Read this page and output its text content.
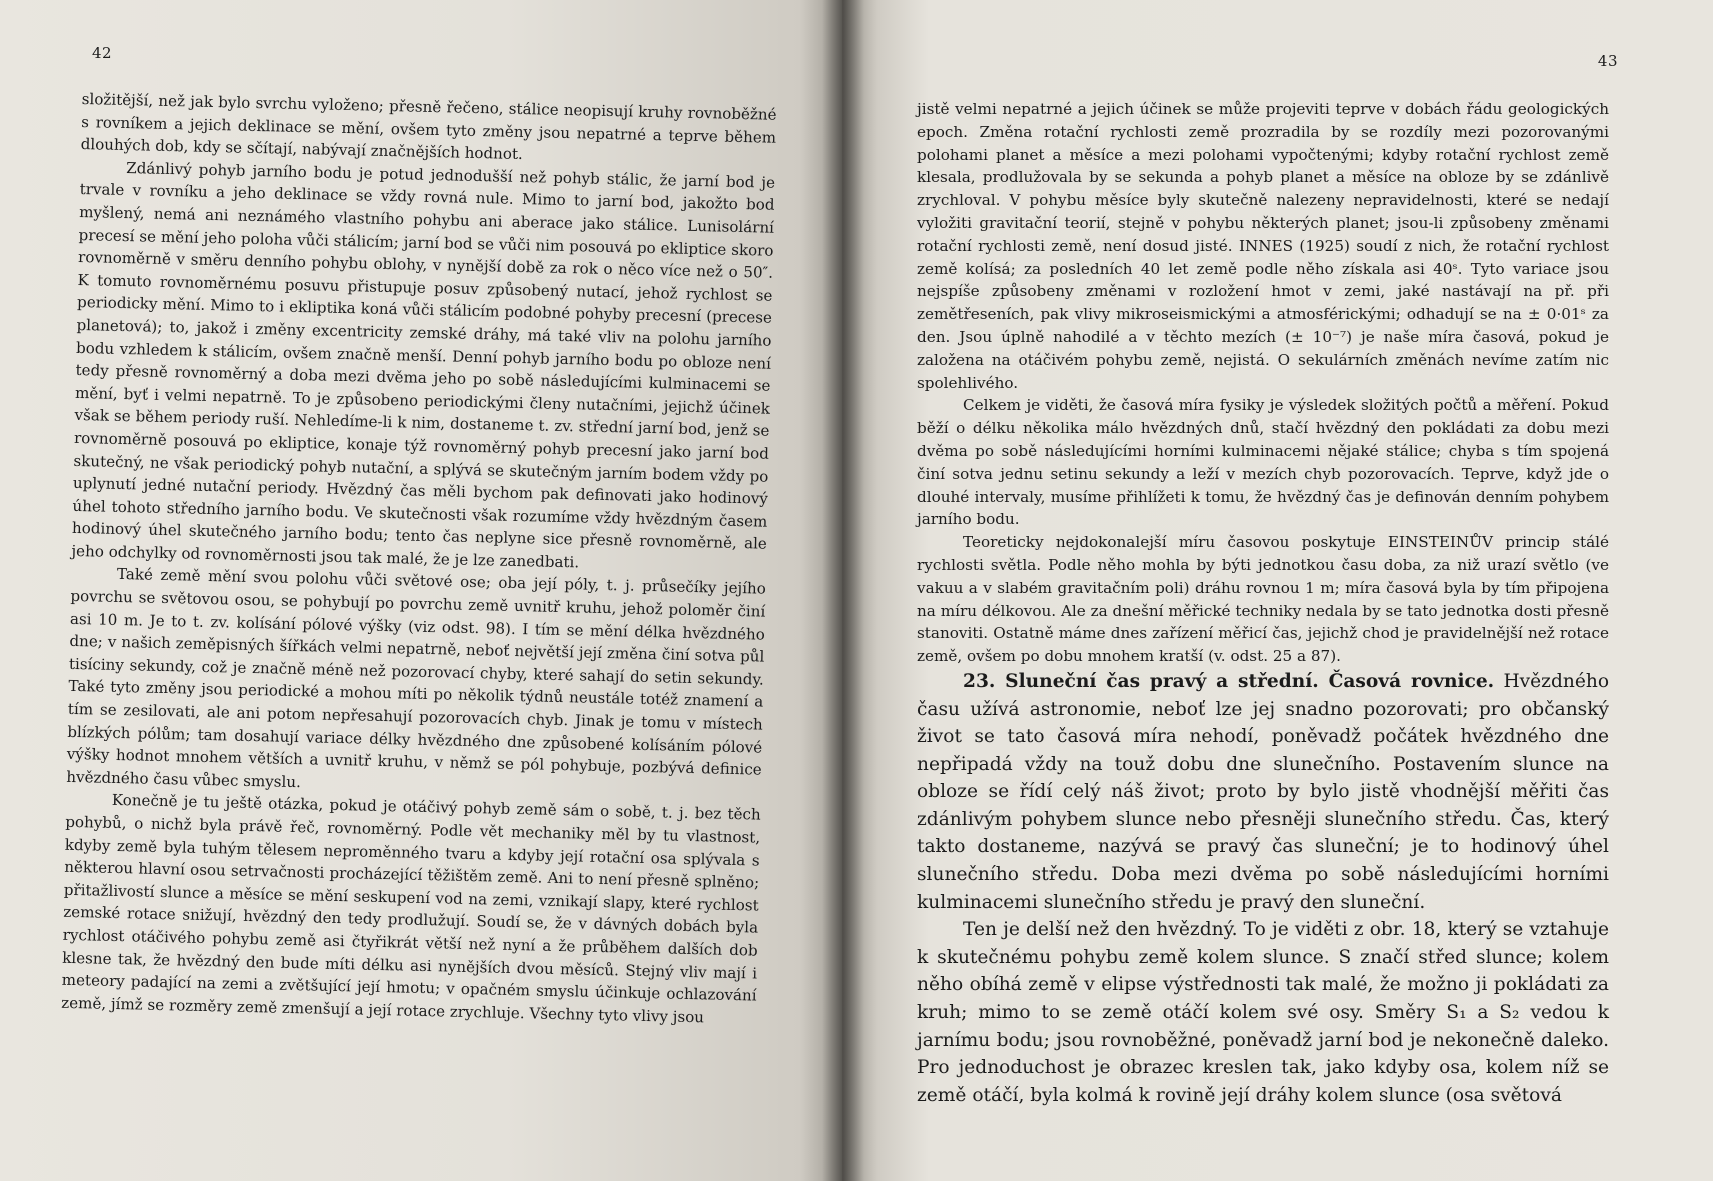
42

složitější, než jak bylo svrchu vyloženo; přesně řečeno, stálice neopisují kruhy rovnoběžné s rovníkem a jejich deklinace se mění, ovšem tyto změny jsou nepatrné a teprve během dlouhých dob, kdy se sčítají, nabývají značnějších hodnot.

Zdánlivý pohyb jarního bodu je potud jednodušší než pohyb stálic, že jarní bod je trvale v rovníku a jeho deklinace se vždy rovná nule. Mimo to jarní bod, jakožto bod myšlený, nemá ani neznámého vlastního pohybu ani aberace jako stálice. Lunisolární precesí se mění jeho poloha vůči stálicím; jarní bod se vůči nim posouvá po ekliptice skoro rovnoměrně v směru denního pohybu oblohy, v nynější době za rok o něco více než o 50″. K tomuto rovnoměrnému posuvu přistupuje posuv způsobený nutací, jehož rychlost se periodicky mění. Mimo to i ekliptika koná vůči stálicím podobné pohyby precesní (precese planetová); to, jakož i změny excentricity zemské dráhy, má také vliv na polohu jarního bodu vzhledem k stálicím, ovšem značně menší. Denní pohyb jarního bodu po obloze není tedy přesně rovnoměrný a doba mezi dvěma jeho po sobě následujícími kulminacemi se mění, byť i velmi nepatrně. To je způsobeno periodickými členy nutačními, jejichž účinek však se během periody ruší. Nehledíme-li k nim, dostaneme t. zv. střední jarní bod, jenž se rovnoměrně posouvá po ekliptice, konaje týž rovnoměrný pohyb precesní jako jarní bod skutečný, ne však periodický pohyb nutační, a splývá se skutečným jarním bodem vždy po uplynutí jedné nutační periody. Hvězdný čas měli bychom pak definovati jako hodinový úhel tohoto středního jarního bodu. Ve skutečnosti však rozumíme vždy hvězdným časem hodinový úhel skutečného jarního bodu; tento čas neplyne sice přesně rovnoměrně, ale jeho odchylky od rovnoměrnosti jsou tak malé, že je lze zanedbati.

Také země mění svou polohu vůči světové ose; oba její póly, t. j. průsečíky jejího povrchu se světovou osou, se pohybují po povrchu země uvnitř kruhu, jehož poloměr činí asi 10 m. Je to t. zv. kolísání pólové výšky (viz odst. 98). I tím se mění délka hvězdného dne; v našich zeměpisných šířkách velmi nepatrně, neboť největší její změna činí sotva půl tisíciny sekundy, což je značně méně než pozorovací chyby, které sahají do setin sekundy. Také tyto změny jsou periodické a mohou míti po několik týdnů neustále totéž znamení a tím se zesilovati, ale ani potom nepřesahují pozorovacích chyb. Jinak je tomu v místech blízkých pólům; tam dosahují variace délky hvězdného dne způsobené kolísáním pólové výšky hodnot mnohem větších a uvnitř kruhu, v němž se pól pohybuje, pozbývá definice hvězdného času vůbec smyslu.

Konečně je tu ještě otázka, pokud je otáčivý pohyb země sám o sobě, t. j. bez těch pohybů, o nichž byla právě řeč, rovnoměrný. Podle vět mechaniky měl by tu vlastnost, kdyby země byla tuhým tělesem neproměnného tvaru a kdyby její rotační osa splývala s některou hlavní osou setrvačnosti procházející těžištěm země. Ani to není přesně splněno; přitažlivostí slunce a měsíce se mění seskupení vod na zemi, vznikají slapy, které rychlost zemské rotace snižují, hvězdný den tedy prodlužují. Soudí se, že v dávných dobách byla rychlost otáčivého pohybu země asi čtyřikrát větší než nyní a že průběhem dalších dob klesne tak, že hvězdný den bude míti délku asi nynějších dvou měsíců. Stejný vliv mají i meteory padající na zemi a zvětšující její hmotu; v opačném smyslu účinkuje ochlazování země, jímž se rozměry země zmenšují a její rotace zrychluje. Všechny tyto vlivy jsou

43

jistě velmi nepatrné a jejich účinek se může projeviti teprve v dobách řádu geologických epoch. Změna rotační rychlosti země prozradila by se rozdíly mezi pozorovanými polohami planet a měsíce a mezi polohami vypočtenými; kdyby rotační rychlost země klesala, prodlužovala by se sekunda a pohyb planet a měsíce na obloze by se zdánlivě zrychloval. V pohybu měsíce byly skutečně nalezeny nepravidelnosti, které se nedají vyložiti gravitační teorií, stejně v pohybu některých planet; jsou-li způsobeny změnami rotační rychlosti země, není dosud jisté. INNES (1925) soudí z nich, že rotační rychlost země kolísá; za posledních 40 let země podle něho získala asi 40ˢ. Tyto variace jsou nejspíše způsobeny změnami v rozložení hmot v zemi, jaké nastávají na př. při zemětřeseních, pak vlivy mikroseismickými a atmosférickými; odhadují se na ± 0·01ˢ za den. Jsou úplně nahodilé a v těchto mezích (± 10⁻⁷) je naše míra časová, pokud je založena na otáčivém pohybu země, nejistá. O sekulárních změnách nevíme zatím nic spolehlivého.

Celkem je viděti, že časová míra fysiky je výsledek složitých počtů a měření. Pokud běží o délku několika málo hvězdných dnů, stačí hvězdný den pokládati za dobu mezi dvěma po sobě následujícími horními kulminacemi nějaké stálice; chyba s tím spojená činí sotva jednu setinu sekundy a leží v mezích chyb pozorovacích. Teprve, když jde o dlouhé intervaly, musíme přihlížeti k tomu, že hvězdný čas je definován denním pohybem jarního bodu.

Teoreticky nejdokonalejší míru časovou poskytuje EINSTEINŮV princip stálé rychlosti světla. Podle něho mohla by býti jednotkou času doba, za niž urazí světlo (ve vakuu a v slabém gravitačním poli) dráhu rovnou 1 m; míra časová byla by tím připojena na míru délkovou. Ale za dnešní měřické techniky nedala by se tato jednotka dosti přesně stanoviti. Ostatně máme dnes zařízení měřicí čas, jejichž chod je pravidelnější než rotace země, ovšem po dobu mnohem kratší (v. odst. 25 a 87).

23. Sluneční čas pravý a střední. Časová rovnice. Hvězdného času užívá astronomie, neboť lze jej snadno pozorovati; pro občanský život se tato časová míra nehodí, poněvadž počátek hvězdného dne nepřipadá vždy na touž dobu dne slunečního. Postavením slunce na obloze se řídí celý náš život; proto by bylo jistě vhodnější měřiti čas zdánlivým pohybem slunce nebo přesněji slunečního středu. Čas, který takto dostaneme, nazývá se pravý čas sluneční; je to hodinový úhel slunečního středu. Doba mezi dvěma po sobě následujícími horními kulminacemi slunečního středu je pravý den sluneční.

Ten je delší než den hvězdný. To je viděti z obr. 18, který se vztahuje k skutečnému pohybu země kolem slunce. S značí střed slunce; kolem něho obíhá země v elipse výstřednosti tak malé, že možno ji pokládati za kruh; mimo to se země otáčí kolem své osy. Směry S₁ a S₂ vedou k jarnímu bodu; jsou rovnoběžné, poněvadž jarní bod je nekonečně daleko. Pro jednoduchost je obrazec kreslen tak, jako kdyby osa, kolem níž se země otáčí, byla kolmá k rovině její dráhy kolem slunce (osa světová
